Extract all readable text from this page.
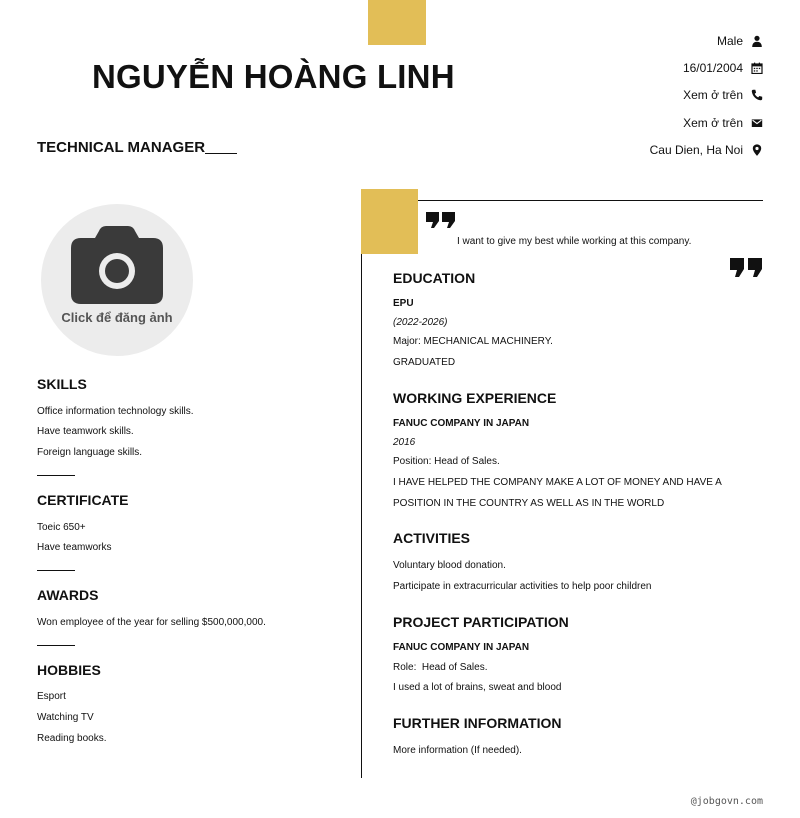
NGUYỄN HOÀNG LINH
TECHNICAL MANAGER
Male
16/01/2004
Xem ở trên
Xem ở trên
Cau Dien, Ha Noi
Click để đăng ảnh
SKILLS
Office information technology skills.
Have teamwork skills.
Foreign language skills.
CERTIFICATE
Toeic 650+
Have teamworks
AWARDS
Won employee of the year for selling $500,000,000.
HOBBIES
Esport
Watching TV
Reading books.
I want to give my best while working at this company.
EDUCATION
EPU
(2022-2026)
Major: MECHANICAL MACHINERY.
GRADUATED
WORKING EXPERIENCE
FANUC COMPANY IN JAPAN
2016
Position: Head of Sales.
I HAVE HELPED THE COMPANY MAKE A LOT OF MONEY AND HAVE A
POSITION IN THE COUNTRY AS WELL AS IN THE WORLD
ACTIVITIES
Voluntary blood donation.
Participate in extracurricular activities to help poor children
PROJECT PARTICIPATION
FANUC COMPANY IN JAPAN
Role:  Head of Sales.
I used a lot of brains, sweat and blood
FURTHER INFORMATION
More information (If needed).
@jobgovn.com
